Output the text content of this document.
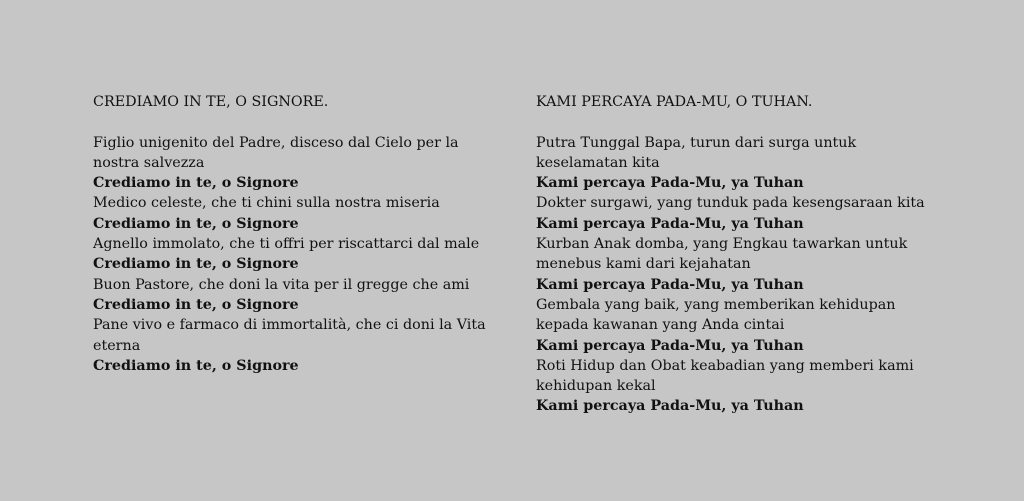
CREDIAMO IN TE, O SIGNORE.
Figlio unigenito del Padre, disceso dal Cielo per la nostra salvezza
Crediamo in te, o Signore
Medico celeste, che ti chini sulla nostra miseria
Crediamo in te, o Signore
Agnello immolato, che ti offri per riscattarci dal male
Crediamo in te, o Signore
Buon Pastore, che doni la vita per il gregge che ami
Crediamo in te, o Signore
Pane vivo e farmaco di immortalità, che ci doni la Vita eterna
Crediamo in te, o Signore
KAMI PERCAYA PADA-MU, O TUHAN.
Putra Tunggal Bapa, turun dari surga untuk keselamatan kita
Kami percaya Pada-Mu, ya Tuhan
Dokter surgawi, yang tunduk pada kesengsaraan kita
Kami percaya Pada-Mu, ya Tuhan
Kurban Anak domba, yang Engkau tawarkan untuk menebus kami dari kejahatan
Kami percaya Pada-Mu, ya Tuhan
Gembala yang baik, yang memberikan kehidupan kepada kawanan yang Anda cintai
Kami percaya Pada-Mu, ya Tuhan
Roti Hidup dan Obat keabadian yang memberi kami kehidupan kekal
Kami percaya Pada-Mu, ya Tuhan
